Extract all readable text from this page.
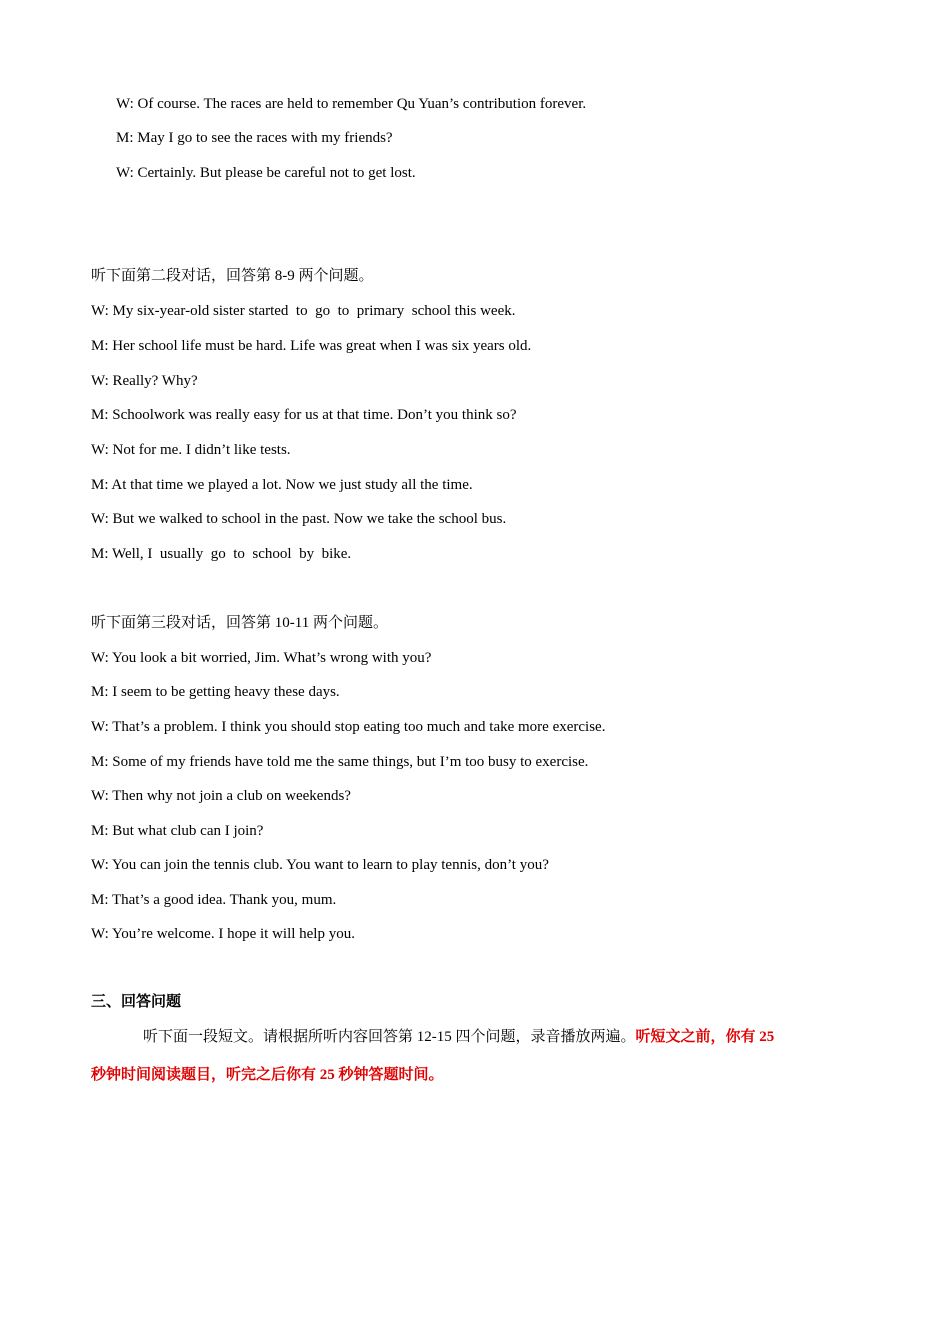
W: Of course. The races are held to remember Qu Yuan’s contribution forever.

M: May I go to see the races with my friends?

W: Certainly. But please be careful not to get lost.

听下面第二段对话，回答第 8-9 两个问题。

W: My six-year-old sister started  to  go  to  primary  school this week.

M: Her school life must be hard. Life was great when I was six years old.

W: Really? Why?

M: Schoolwork was really easy for us at that time. Don’t you think so?

W: Not for me. I didn’t like tests.

M: At that time we played a lot. Now we just study all the time.

W: But we walked to school in the past. Now we take the school bus.

M: Well, I  usually  go  to  school  by  bike.

听下面第三段对话，回答第 10-11 两个问题。

W: You look a bit worried, Jim. What’s wrong with you?

M: I seem to be getting heavy these days.

W: That’s a problem. I think you should stop eating too much and take more exercise.

M: Some of my friends have told me the same things, but I’m too busy to exercise.

W: Then why not join a club on weekends?

M: But what club can I join?

W: You can join the tennis club. You want to learn to play tennis, don’t you?

M: That’s a good idea. Thank you, mum.

W: You’re welcome. I hope it will help you.

三、回答问题

听下面一段短文。请根据所听内容回答第 12-15 四个问题，录音播放两遍。听短文之前，你有 25
秒钟时间阅读题目，听完之后你有 25 秒钟答题时间。
